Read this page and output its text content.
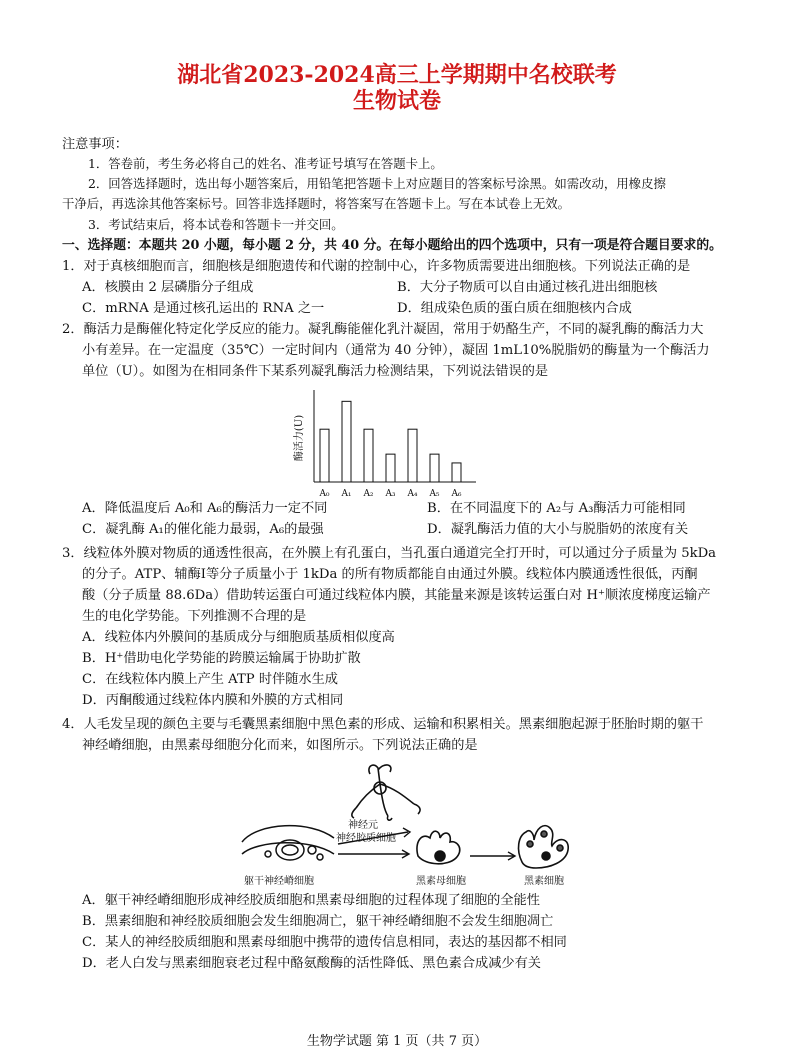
湖北省2023-2024高三上学期期中名校联考
生物试卷
注意事项：
1．答卷前，考生务必将自己的姓名、准考证号填写在答题卡上。
2．回答选择题时，选出每小题答案后，用铅笔把答题卡上对应题目的答案标号涂黑。如需改动，用橡皮擦
干净后，再选涂其他答案标号。回答非选择题时，将答案写在答题卡上。写在本试卷上无效。
3．考试结束后，将本试卷和答题卡一并交回。
一、选择题：本题共 20 小题，每小题 2 分，共 40 分。在每小题给出的四个选项中，只有一项是符合题目要求的。
1．对于真核细胞而言，细胞核是细胞遗传和代谢的控制中心，许多物质需要进出细胞核。下列说法正确的是
A．核膜由 2 层磷脂分子组成	B．大分子物质可以自由通过核孔进出细胞核
C．mRNA 是通过核孔运出的 RNA 之一	D．组成染色质的蛋白质在细胞核内合成
2．酶活力是酶催化特定化学反应的能力。凝乳酶能催化乳汁凝固，常用于奶酪生产，不同的凝乳酶的酶活力大
小有差异。在一定温度（35℃）一定时间内（通常为 40 分钟），凝固 1mL10%脱脂奶的酶量为一个酶活力
单位（U）。如图为在相同条件下某系列凝乳酶活力检测结果，下列说法错误的是
酶活力(U)
A₀ A₁ A₂ A₃ A₄ A₅ A₆
A．降低温度后 A₀和 A₆的酶活力一定不同	B．在不同温度下的 A₂与 A₃酶活力可能相同
C．凝乳酶 A₁的催化能力最弱，A₆的最强	D．凝乳酶活力值的大小与脱脂奶的浓度有关
3．线粒体外膜对物质的通透性很高，在外膜上有孔蛋白，当孔蛋白通道完全打开时，可以通过分子质量为 5kDa
的分子。ATP、辅酶Ⅰ等分子质量小于 1kDa 的所有物质都能自由通过外膜。线粒体内膜通透性很低，丙酮
酸（分子质量 88.6Da）借助转运蛋白可通过线粒体内膜，其能量来源是该转运蛋白对 H⁺顺浓度梯度运输产
生的电化学势能。下列推测不合理的是
A．线粒体内外膜间的基质成分与细胞质基质相似度高
B．H⁺借助电化学势能的跨膜运输属于协助扩散
C．在线粒体内膜上产生 ATP 时伴随水生成
D．丙酮酸通过线粒体内膜和外膜的方式相同
4．人毛发呈现的颜色主要与毛囊黑素细胞中黑色素的形成、运输和积累相关。黑素细胞起源于胚胎时期的躯干
神经嵴细胞，由黑素母细胞分化而来，如图所示。下列说法正确的是
神经元
神经胶质细胞
躯干神经嵴细胞	黑素母细胞	黑素细胞
A．躯干神经嵴细胞形成神经胶质细胞和黑素母细胞的过程体现了细胞的全能性
B．黑素细胞和神经胶质细胞会发生细胞凋亡，躯干神经嵴细胞不会发生细胞凋亡
C．某人的神经胶质细胞和黑素母细胞中携带的遗传信息相同，表达的基因都不相同
D．老人白发与黑素细胞衰老过程中酪氨酸酶的活性降低、黑色素合成减少有关
生物学试题 第 1 页（共 7 页）
